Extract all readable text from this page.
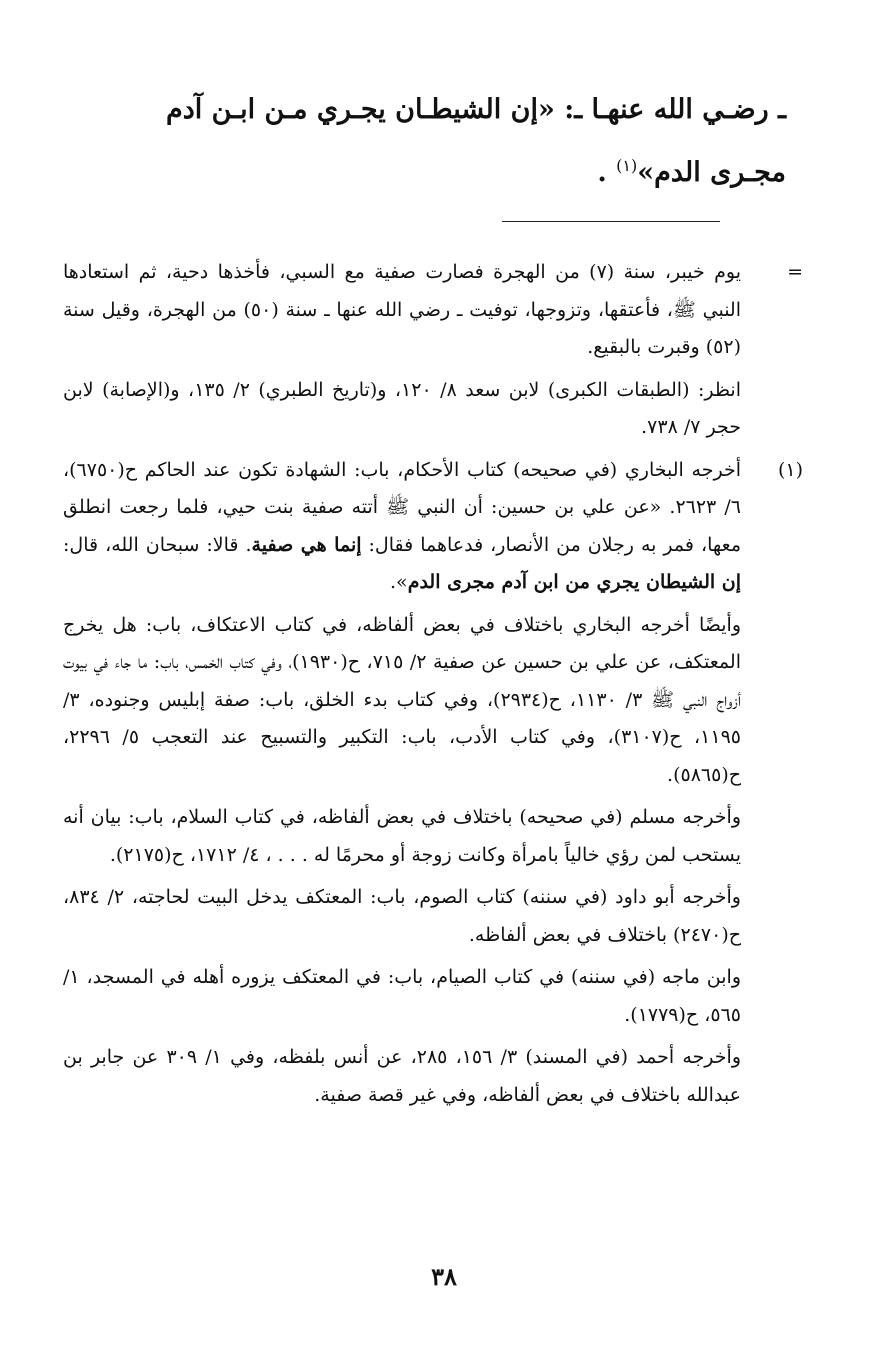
ـ رضـي الله عنهـا ـ: «إن الشيطـان يجـري مـن ابـن آدم مجـرى الدم»$^{(١)}$ .
=

يوم خيبر، سنة (٧) من الهجرة فصارت صفية مع السبي، فأخذها دحية، ثم استعادها النبي ﷺ، فأعتقها، وتزوجها، توفيت ـ رضي الله عنها ـ سنة (٥٠) من الهجرة، وقيل سنة (٥٢) وقبرت بالبقيع.

انظر: (الطبقات الكبرى) لابن سعد ٨/ ١٢٠، و(تاريخ الطبري) ٢/ ١٣٥، و(الإصابة) لابن حجر ٧/ ٧٣٨.

(١)

أخرجه البخاري (في صحيحه) كتاب الأحكام، باب: الشهادة تكون عند الحاكم ح(٦٧٥٠)، ٦/ ٢٦٢٣. «عن علي بن حسين: أن النبي ﷺ أتته صفية بنت حيي، فلما رجعت انطلق معها، فمر به رجلان من الأنصار، فدعاهما فقال: إنما هي صفية. قالا: سبحان الله، قال: إن الشيطان يجري من ابن آدم مجرى الدم».

وأيضًا أخرجه البخاري باختلاف في بعض ألفاظه، في كتاب الاعتكاف، باب: هل يخرج المعتكف، عن علي بن حسين عن صفية ٢/ ٧١٥، ح(١٩٣٠)، وفي كتاب الخمس، باب: ما جاء في بيوت أزواج النبي ﷺ ٣/ ١١٣٠، ح(٢٩٣٤)، وفي كتاب بدء الخلق، باب: صفة إبليس وجنوده، ٣/ ١١٩٥، ح(٣١٠٧)، وفي كتاب الأدب، باب: التكبير والتسبيح عند التعجب ٥/ ٢٢٩٦، ح(٥٨٦٥).

وأخرجه مسلم (في صحيحه) باختلاف في بعض ألفاظه، في كتاب السلام، باب: بيان أنه يستحب لمن رؤي خالياً بامرأة وكانت زوجة أو محرمًا له . . . ، ٤/ ١٧١٢، ح(٢١٧٥).

وأخرجه أبو داود (في سننه) كتاب الصوم، باب: المعتكف يدخل البيت لحاجته، ٢/ ٨٣٤، ح(٢٤٧٠) باختلاف في بعض ألفاظه.

وابن ماجه (في سننه) في كتاب الصيام، باب: في المعتكف يزوره أهله في المسجد، ١/ ٥٦٥، ح(١٧٧٩).

وأخرجه أحمد (في المسند) ٣/ ١٥٦، ٢٨٥، عن أنس بلفظه، وفي ١/ ٣٠٩ عن جابر بن عبدالله باختلاف في بعض ألفاظه، وفي غير قصة صفية.

٣٨
